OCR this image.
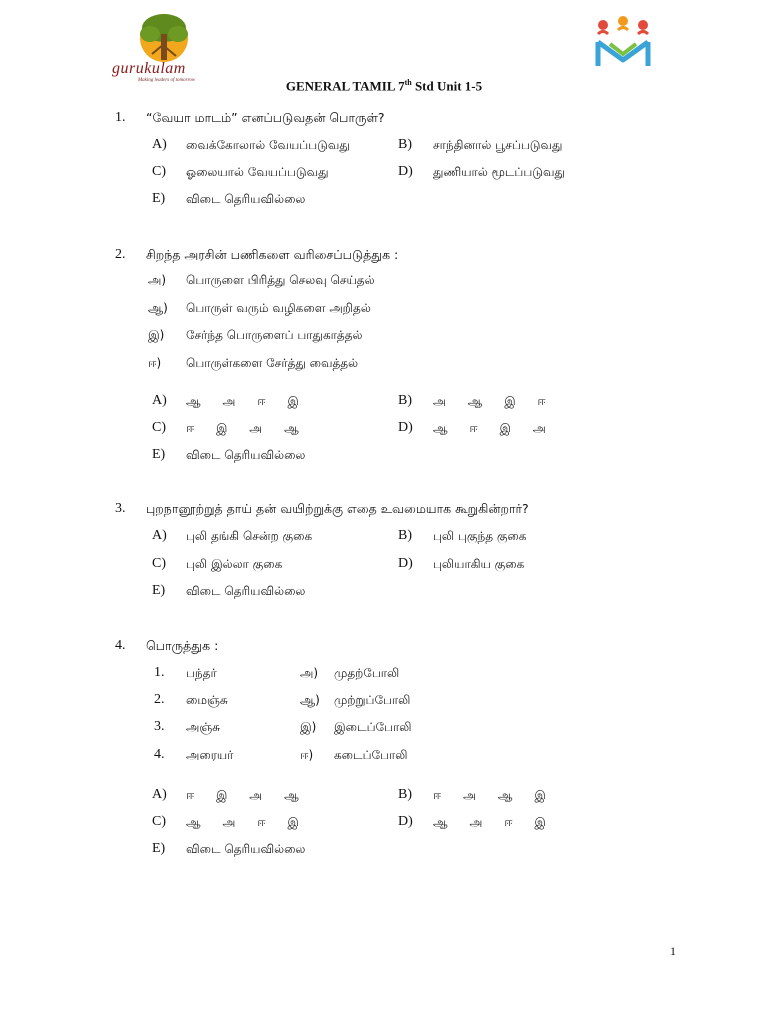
gurukulam
Making leaders of tomorrow	GENERAL TAMIL 7th Std Unit 1-5
1. “வேயா மாடம்” எனப்படுவதன் பொருள்?
A) வைக்கோலால் வேயப்படுவது	B) சாந்தினால் பூசப்படுவது
C) ஓலையால் வேயப்படுவது	D) துணியால் மூடப்படுவது
E) விடை தெரியவில்லை
2. சிறந்த அரசின் பணிகளை வரிசைப்படுத்துக :
அ) பொருளை பிரித்து செலவு செய்தல்
ஆ) பொருள் வரும் வழிகளை அறிதல்
இ) சேர்ந்த பொருளைப் பாதுகாத்தல்
ஈ) பொருள்களை சேர்த்து வைத்தல்
A) ஆ அ ஈ இ	B) அ ஆ இ ஈ
C) ஈ இ அ ஆ	D) ஆ ஈ இ அ
E) விடை தெரியவில்லை
3. புறநானூற்றுத் தாய் தன் வயிற்றுக்கு எதை உவமையாக கூறுகின்றார்?
A) புலி தங்கி சென்ற குகை	B) புலி புகுந்த குகை
C) புலி இல்லா குகை	D) புலியாகிய குகை
E) விடை தெரியவில்லை
4. பொருத்துக :
1. பந்தர்	அ) முதற்போலி
2. மைஞ்சு	ஆ) முற்றுப்போலி
3. அஞ்சு	இ) இடைப்போலி
4. அரையர்	ஈ) கடைப்போலி
A) ஈ இ அ ஆ	B) ஈ அ ஆ இ
C) ஆ அ ஈ இ	D) ஆ அ ஈ இ
E) விடை தெரியவில்லை
1
